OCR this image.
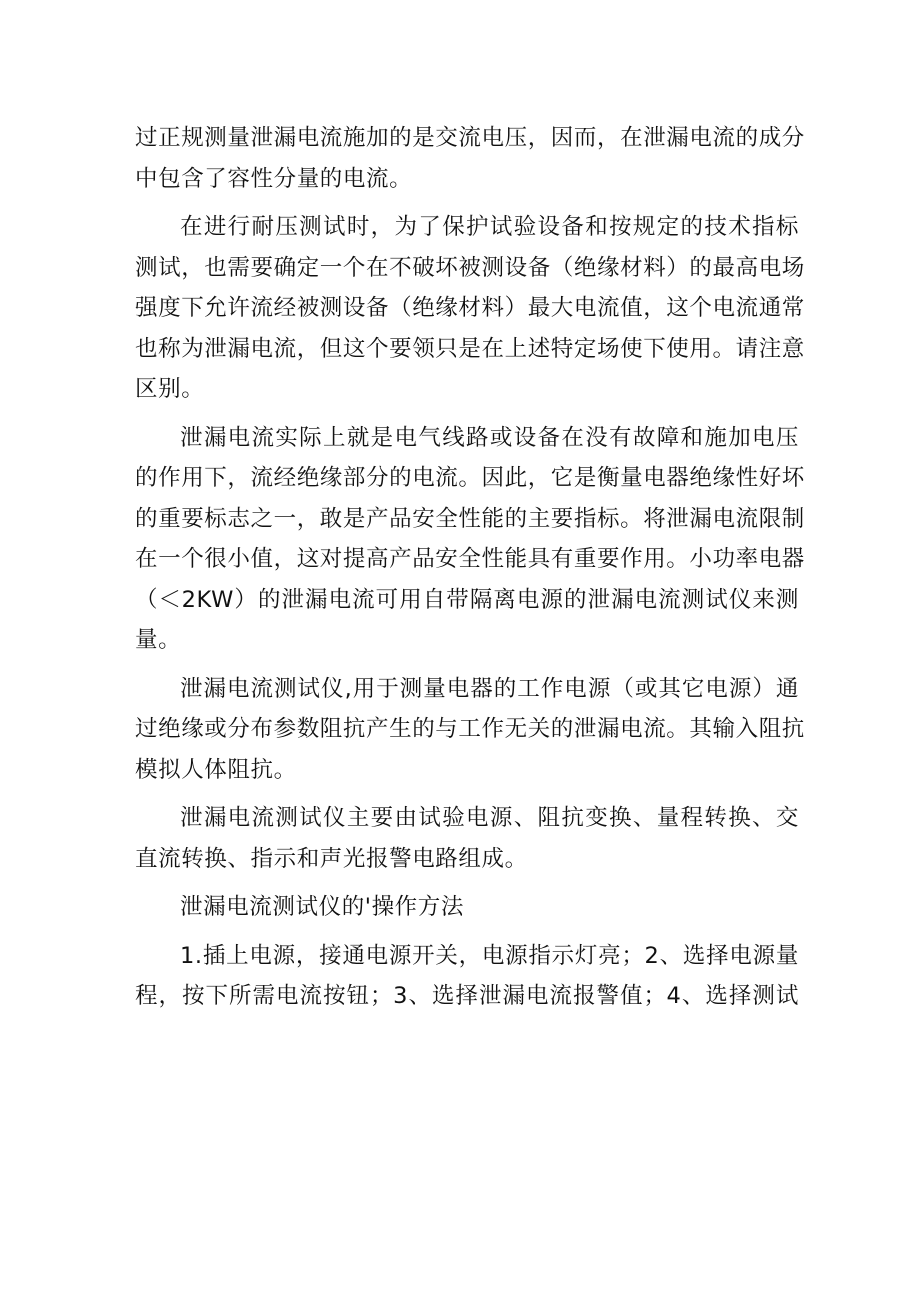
过正规测量泄漏电流施加的是交流电压，因而，在泄漏电流的成分
中包含了容性分量的电流。
在进行耐压测试时，为了保护试验设备和按规定的技术指标
测试，也需要确定一个在不破坏被测设备（绝缘材料）的最高电场
强度下允许流经被测设备（绝缘材料）最大电流值，这个电流通常
也称为泄漏电流，但这个要领只是在上述特定场使下使用。请注意
区别。
泄漏电流实际上就是电气线路或设备在没有故障和施加电压
的作用下，流经绝缘部分的电流。因此，它是衡量电器绝缘性好坏
的重要标志之一，敢是产品安全性能的主要指标。将泄漏电流限制
在一个很小值，这对提高产品安全性能具有重要作用。小功率电器
（＜2KW）的泄漏电流可用自带隔离电源的泄漏电流测试仪来测
量。
泄漏电流测试仪,用于测量电器的工作电源（或其它电源）通
过绝缘或分布参数阻抗产生的与工作无关的泄漏电流。其输入阻抗
模拟人体阻抗。
泄漏电流测试仪主要由试验电源、阻抗变换、量程转换、交
直流转换、指示和声光报警电路组成。
泄漏电流测试仪的'操作方法
1.插上电源，接通电源开关，电源指示灯亮；2、选择电源量
程，按下所需电流按钮；3、选择泄漏电流报警值；4、选择测试
